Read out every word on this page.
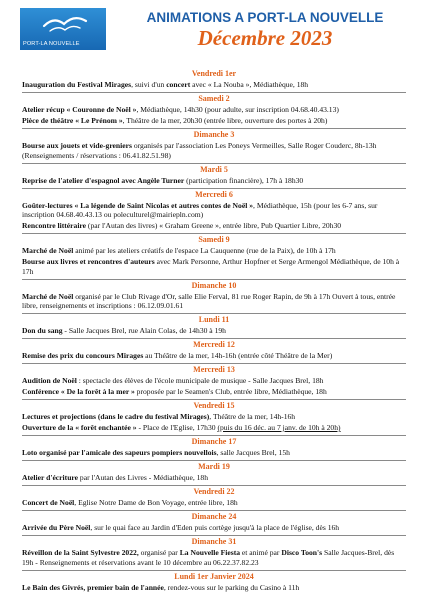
PORT-LA NOUVELLE
ANIMATIONS A PORT-LA NOUVELLE
Décembre 2023
Vendredi 1er
Inauguration du Festival Mirages, suivi d'un concert avec « La Nouba », Médiathèque, 18h
Samedi 2
Atelier récup « Couronne de Noël », Médiathèque, 14h30 (pour adulte, sur inscription 04.68.40.43.13)
Pièce de théâtre « Le Prénom », Théâtre de la mer, 20h30 (entrée libre, ouverture des portes à 20h)
Dimanche 3
Bourse aux jouets et vide-greniers organisés par l'association Les Poneys Vermeilles, Salle Roger Couderc, 8h-13h (Renseignements / réservations : 06.41.82.51.98)
Mardi 5
Reprise de l'atelier d'espagnol avec Angèle Turner (participation financière), 17h à 18h30
Mercredi 6
Goûter-lectures « La légende de Saint Nicolas et autres contes de Noël », Médiathèque, 15h (pour les 6-7 ans, sur inscription 04.68.40.43.13 ou polecultur​el@mairiepln.com)
Rencontre littéraire (par l'Autan des livres) « Graham Greene », entrée libre, Pub Quartier Libre, 20h30
Samedi 9
Marché de Noël animé par les ateliers créatifs de l'espace La Cauquenne (rue de la Paix), de 10h à 17h
Bourse aux livres et rencontres d'auteurs avec Mark Personne, Arthur Hopfner et Serge Armengol Médiathèque, de 10h à 17h
Dimanche 10
Marché de Noël organisé par le Club Rivage d'Or, salle Elie Ferval, 81 rue Roger Rapin, de 9h à 17h Ouvert à tous, entrée libre, renseignements et inscriptions : 06.12.09.01.61
Lundi 11
Don du sang - Salle Jacques Brel, rue Alain Colas, de 14h30 à 19h
Mercredi 12
Remise des prix du concours Mirages au Théâtre de la mer, 14h-16h (entrée côté Théâtre de la Mer)
Mercredi 13
Audition de Noël : spectacle des élèves de l'école municipale de musique - Salle Jacques Brel, 18h
Conférence « De la forêt à la mer » proposée par le Seamen's Club, entrée libre, Médiathèque, 18h
Vendredi 15
Lectures et projections (dans le cadre du festival Mirages), Théâtre de la mer, 14h-16h
Ouverture de la « forêt enchantée » - Place de l'Eglise, 17h30 (puis du 16 déc. au 7 janv. de 10h à 20h)
Dimanche 17
Loto organisé par l'amicale des sapeurs pompiers nouvellois, salle Jacques Brel, 15h
Mardi 19
Atelier d'écriture par l'Autan des Livres - Médiathèque, 18h
Vendredi 22
Concert de Noël, Eglise Notre Dame de Bon Voyage, entrée libre, 18h
Dimanche 24
Arrivée du Père Noël, sur le quai face au Jardin d'Eden puis cortège jusqu'à la place de l'église, dès 16h
Dimanche 31
Réveillon de la Saint Sylvestre 2022, organisé par La Nouvelle Fiesta et animé par Disco Toon's Salle Jacques-Brel, dès 19h - Renseignements et réservations avant le 10 décembre au 06.22.37.82.23
Lundi 1er Janvier 2024
Le Bain des Givrés, premier bain de l'année, rendez-vous sur le parking du Casino à 11h
